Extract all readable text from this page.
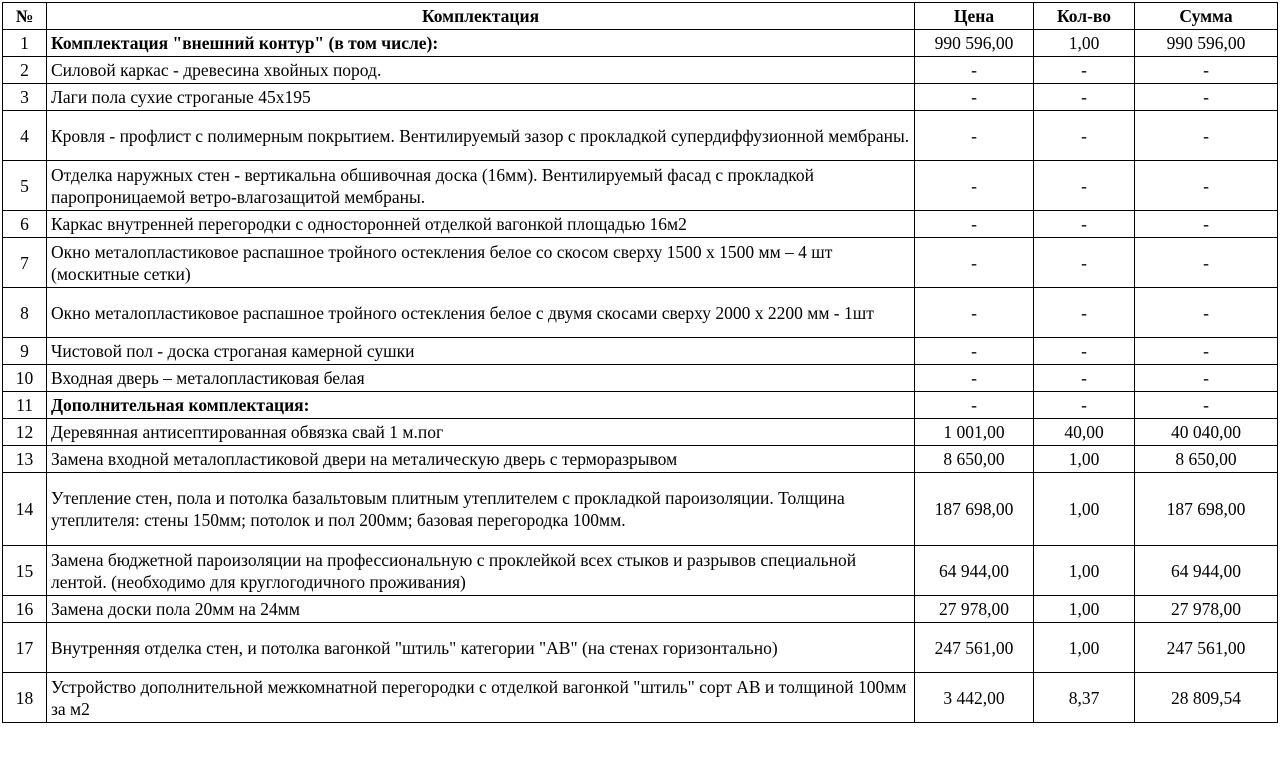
№	Комплектация	Цена	Кол-во	Сумма
1	Комплектация "внешний контур" (в том числе):	990 596,00	1,00	990 596,00
2	Силовой каркас - древесина хвойных пород.	-	-	-
3	Лаги пола сухие строганые 45х195	-	-	-
4	Кровля - профлист с полимерным покрытием. Вентилируемый зазор с прокладкой супердиффузионной мембраны.	-	-	-
5	Отделка наружных стен - вертикальна обшивочная доска (16мм). Вентилируемый фасад с прокладкой паропроницаемой ветро-влагозащитой мембраны.	-	-	-
6	Каркас внутренней перегородки с односторонней отделкой вагонкой площадью 16м2	-	-	-
7	Окно металопластиковое распашное тройного остекления белое со скосом сверху 1500 х 1500 мм – 4 шт (москитные сетки)	-	-	-
8	Окно металопластиковое распашное тройного остекления белое с двумя скосами сверху 2000 х 2200 мм - 1шт	-	-	-
9	Чистовой пол - доска строганая камерной сушки	-	-	-
10	Входная дверь – металопластиковая белая	-	-	-
11	Дополнительная комплектация:	-	-	-
12	Деревянная антисептированная обвязка свай 1 м.пог	1 001,00	40,00	40 040,00
13	Замена входной металопластиковой двери на металическую дверь с терморазрывом	8 650,00	1,00	8 650,00
14	Утепление стен, пола и потолка базальтовым плитным утеплителем с прокладкой пароизоляции. Толщина утеплителя: стены 150мм; потолок и пол 200мм; базовая перегородка 100мм.	187 698,00	1,00	187 698,00
15	Замена бюджетной пароизоляции на профессиональную с проклейкой всех стыков и разрывов специальной лентой. (необходимо для круглогодичного проживания)	64 944,00	1,00	64 944,00
16	Замена доски пола 20мм на 24мм	27 978,00	1,00	27 978,00
17	Внутренняя отделка стен, и потолка вагонкой "штиль" категории "АВ" (на стенах горизонтально)	247 561,00	1,00	247 561,00
18	Устройство дополнительной межкомнатной перегородки с отделкой вагонкой "штиль" сорт АВ и толщиной 100мм за м2	3 442,00	8,37	28 809,54
